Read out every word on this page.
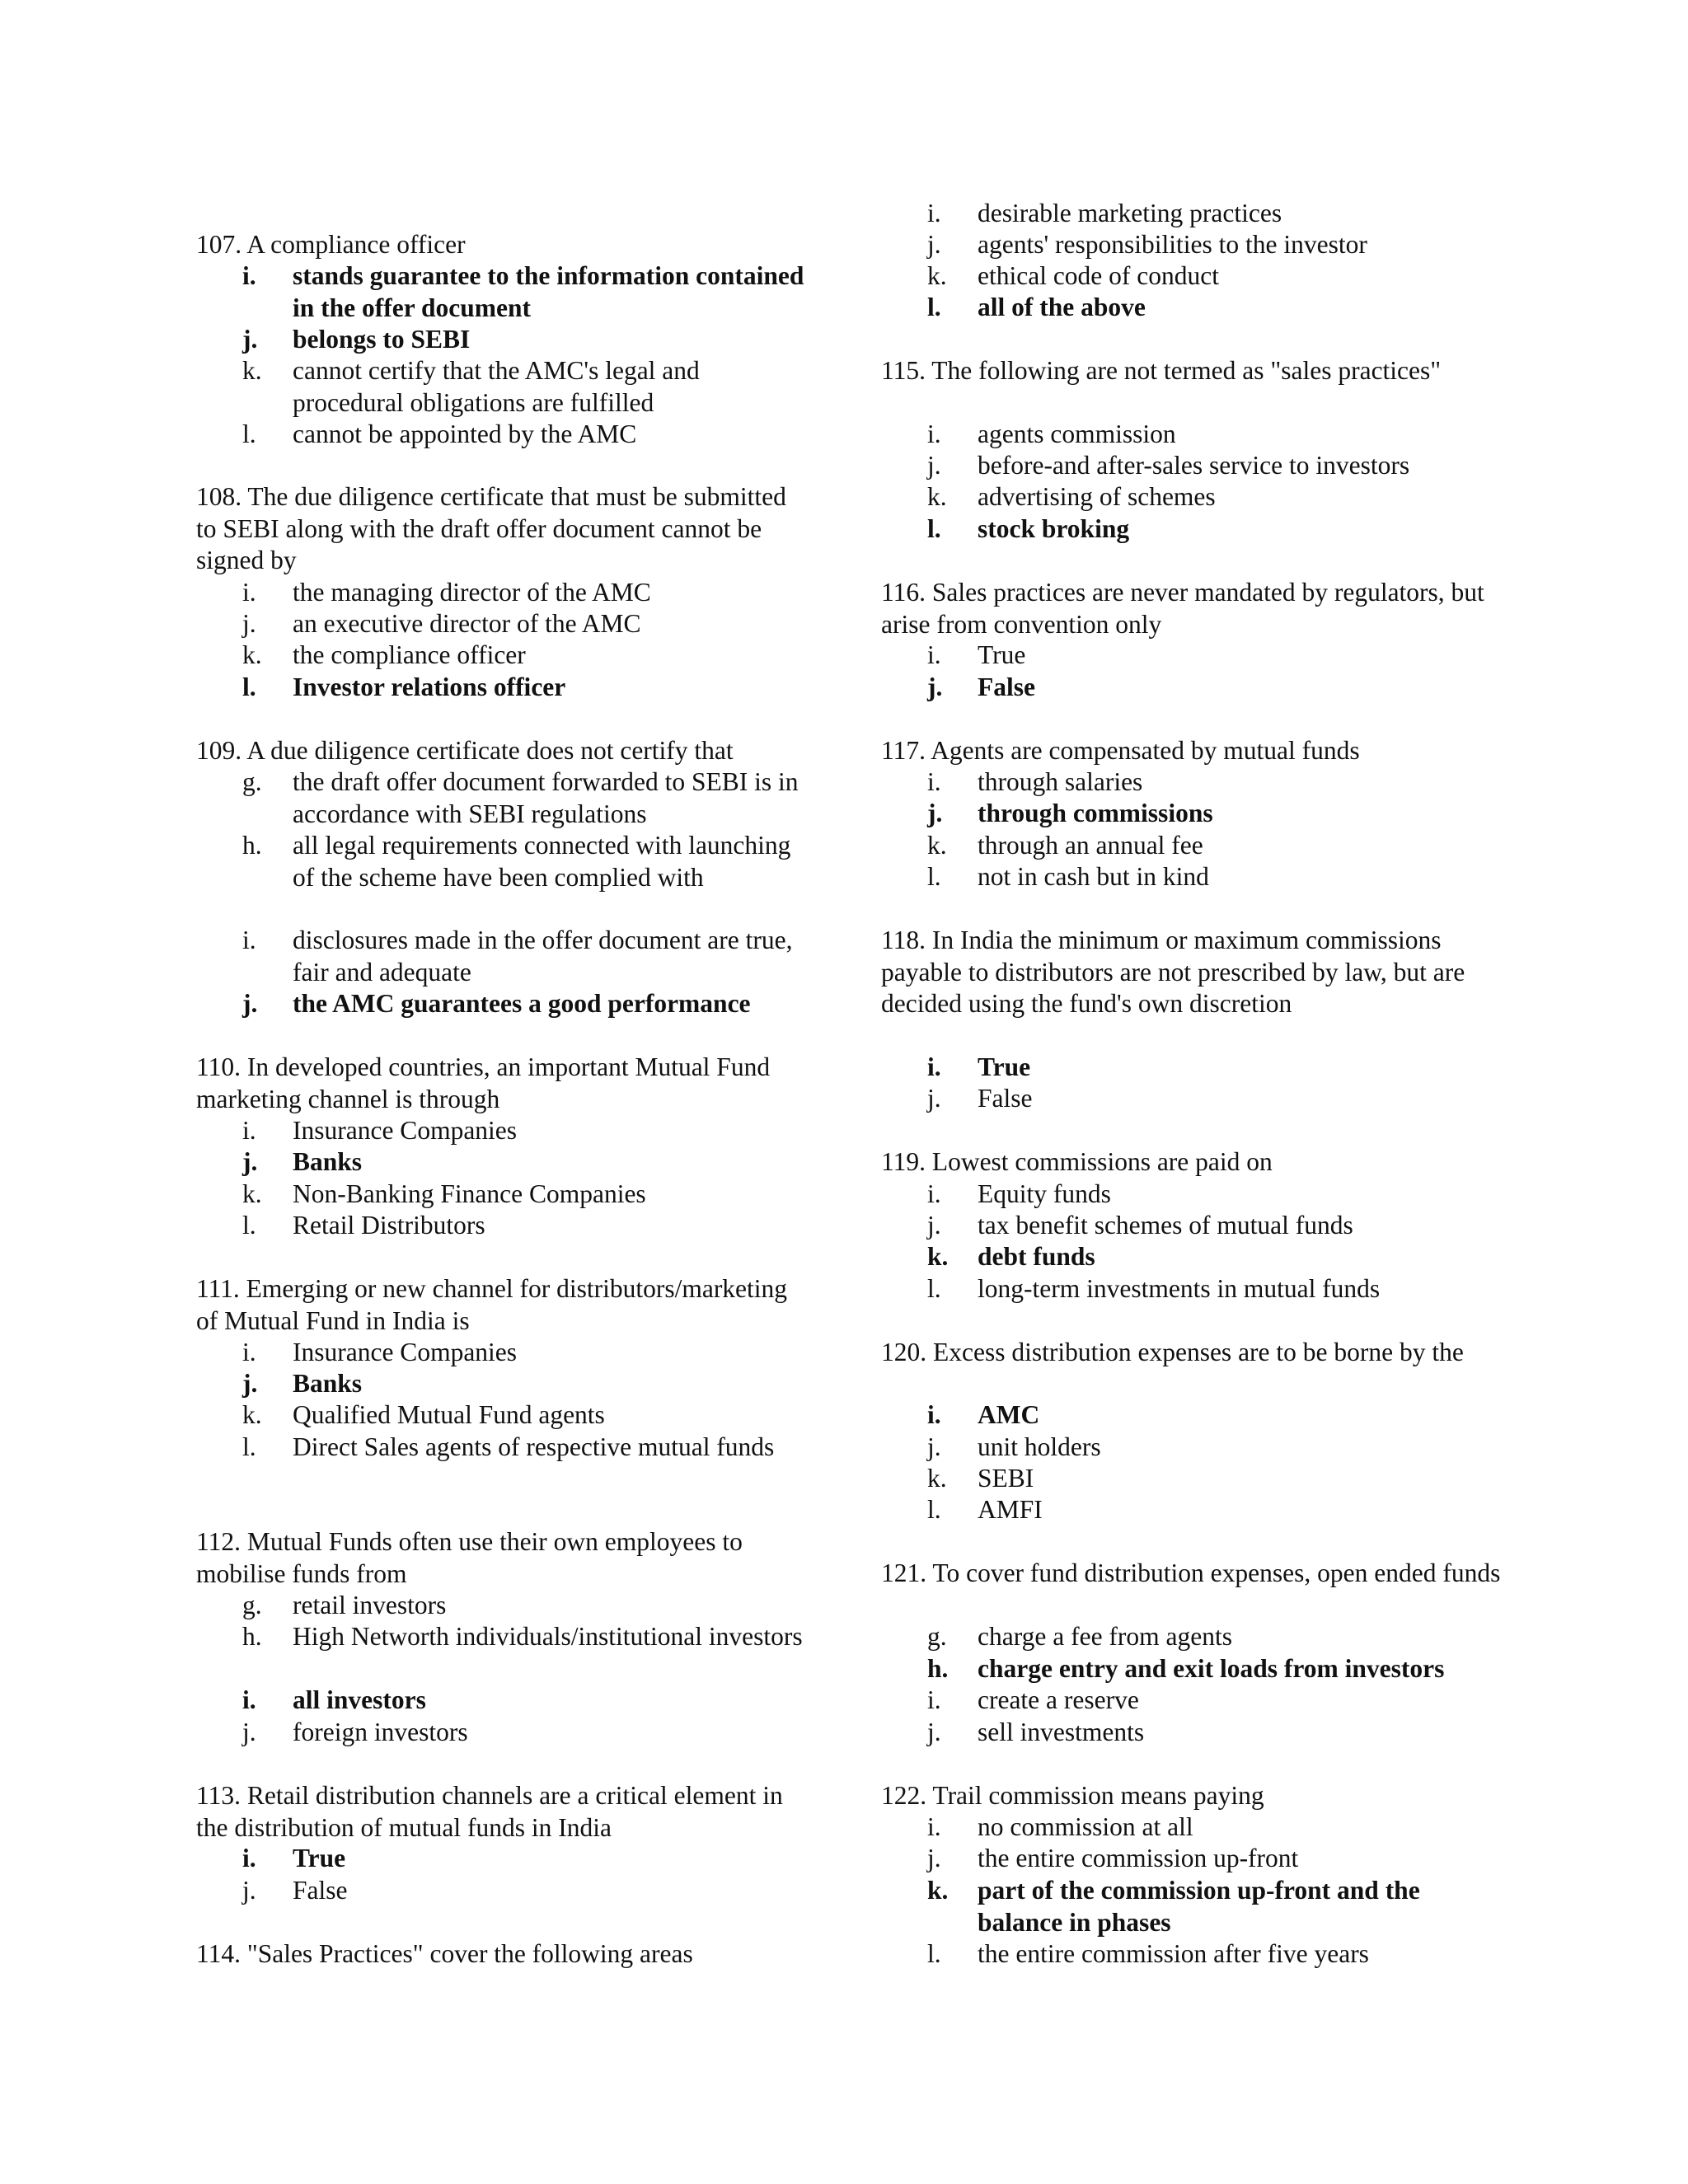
107. A compliance officer
i.	stands guarantee to the information contained in the offer document
j.	belongs to SEBI
k.	cannot certify that the AMC's legal and procedural obligations are fulfilled
l.	cannot be appointed by the AMC
108. The due diligence certificate that must be submitted to SEBI along with the draft offer document cannot be signed by
i.	the managing director of the AMC
j.	an executive director of the AMC
k.	the compliance officer
l.	Investor relations officer
109. A due diligence certificate does not certify that
g.	the draft offer document forwarded to SEBI is in accordance with SEBI regulations
h.	all legal requirements connected with launching of the scheme have been complied with
i.	disclosures made in the offer document are true, fair and adequate
j.	the AMC guarantees a good performance
110. In developed countries, an important Mutual Fund marketing channel is through
i.	Insurance Companies
j.	Banks
k.	Non-Banking Finance Companies
l.	Retail Distributors
111. Emerging or new channel for distributors/marketing of Mutual Fund in India is
i.	Insurance Companies
j.	Banks
k.	Qualified Mutual Fund agents
l.	Direct Sales agents of respective mutual funds
112. Mutual Funds often use their own employees to mobilise funds from
g.	retail investors
h.	High Networth individuals/institutional investors
i.	all investors
j.	foreign investors
113. Retail distribution channels are a critical element in the distribution of mutual funds in India
i.	True
j.	False
114. "Sales Practices" cover the following areas
i.	desirable marketing practices
j.	agents' responsibilities to the investor
k.	ethical code of conduct
l.	all of the above
115. The following are not termed as "sales practices"
i.	agents commission
j.	before-and after-sales service to investors
k.	advertising of schemes
l.	stock broking
116. Sales practices are never mandated by regulators, but arise from convention only
i.	True
j.	False
117. Agents are compensated by mutual funds
i.	through salaries
j.	through commissions
k.	through an annual fee
l.	not in cash but in kind
118. In India the minimum or maximum commissions payable to distributors are not prescribed by law, but are decided using the fund's own discretion
i.	True
j.	False
119. Lowest commissions are paid on
i.	Equity funds
j.	tax benefit schemes of mutual funds
k.	debt funds
l.	long-term investments in mutual funds
120. Excess distribution expenses are to be borne by the
i.	AMC
j.	unit holders
k.	SEBI
l.	AMFI
121. To cover fund distribution expenses, open ended funds
g.	charge a fee from agents
h.	charge entry and exit loads from investors
i.	create a reserve
j.	sell investments
122. Trail commission means paying
i.	no commission at all
j.	the entire commission up-front
k.	part of the commission up-front and the balance in phases
l.	the entire commission after five years
